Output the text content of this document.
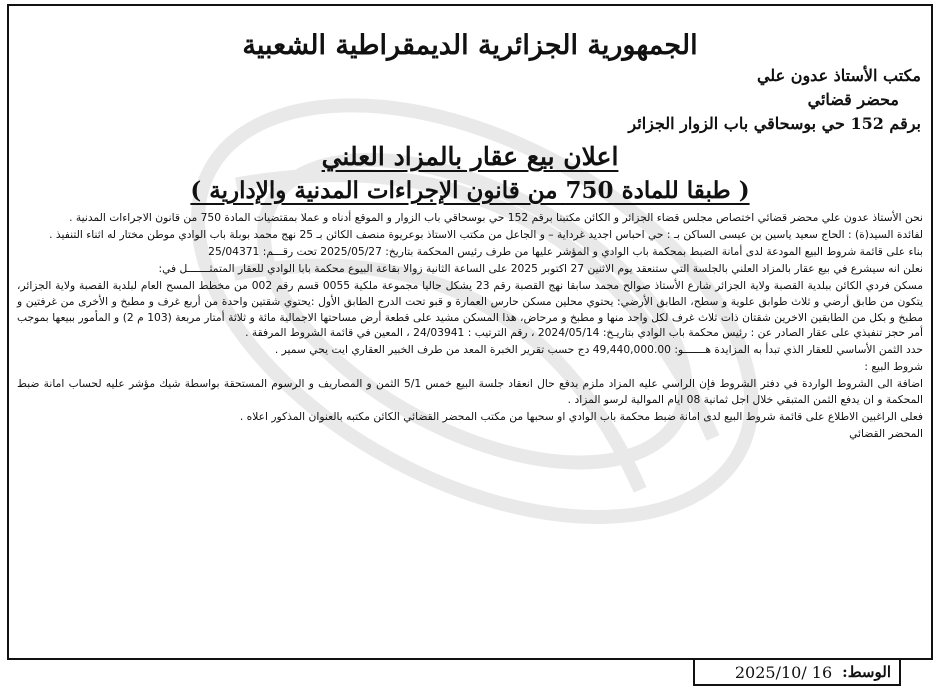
الجمهورية الجزائرية الديمقراطية الشعبية
مكتب الأستاذ عدون علي
محضر قضائي
برقم 152 حي بوسحاقي باب الزوار الجزائر
اعلان بيع عقار بالمزاد العلني
( طبقا للمادة 750 من قانون الإجراءات المدنية والإدارية )

نحن الأستاذ عدون علي محضر قضائي اختصاص مجلس قضاء الجزائر و الكائن مكتبنا برقم 152 حي بوسحاقي باب الزوار و الموقع أدناه و عملا بمقتضيات المادة 750 من قانون الاجراءات المدنية .

لفائدة السيد(ة) : الحاج سعيد ياسين بن عيسى الساكن بـ : حي احباس اجديد غرداية – و الجاعل من مكتب الاستاذ بوعريوة منصف الكائن بـ 25 نهج محمد بوبلة باب الوادي موطن مختار له اثناء التنفيذ .

بناء على قائمة شروط البيع المودعة لدى أمانة الضبط بمحكمة باب الوادي و المؤشر عليها من طرف رئيس المحكمة بتاريخ: 2025/05/27 تحت رقـــم: 25/04371

نعلن انه سيشرع في بيع عقار بالمزاد العلني بالجلسة التي ستنعقد يوم الاثنين 27 اكتوبر 2025 على الساعة الثانية زوالا بقاعة البيوع محكمة بابا الوادي للعقار المتمثـــــــل في:

مسكن فردي الكائن ببلدية القصبة ولاية الجزائر شارع الأستاذ صوالح محمد سابقا نهج القصبة رقم 23 يشكل حاليا مجموعة ملكية 0055 قسم رقم 002 من مخطط المسح العام لبلدية القصبة ولاية الجزائر، يتكون من طابق أرضي و ثلاث طوابق علوية و سطح، الطابق الأرضي: يحتوي محلين مسكن حارس العمارة و قبو تحت الدرج الطابق الأول :يحتوي شقتين واحدة من أربع غرف و مطبخ و الأخرى من غرفتين و مطبخ و بكل من الطابقين الاخرين شقتان ذات ثلاث غرف لكل واحد منها و مطبخ و مرحاض، هذا المسكن مشيد على قطعة أرض مساحتها الاجمالية مائة و ثلاثة أمتار مربعة (103 م 2) و المأمور ببيعها بموجب أمر حجز تنفيذي على عقار الصادر عن : رئيس محكمة باب الوادي بتاريـخ: 2024/05/14 ، رقم الترتيب : 24/03941 ، المعين في قائمة الشروط المرفقة .

حدد الثمن الأساسي للعقار الذي تبدأ به المزايدة هـــــــو: 49,440,000.00 دج حسب تقرير الخبرة المعد من طرف الخبير العقاري ايت يحي سمير .

شروط البيع :

اضافة الى الشروط الواردة في دفتر الشروط فإن الراسي عليه المزاد ملزم بدفع حال انعقاد جلسة البيع خمس 5/1 الثمن و المصاريف و الرسوم المستحقة بواسطة شيك مؤشر عليه لحساب امانة ضبط المحكمة و ان يدفع الثمن المتبقي خلال اجل ثمانية 08 ايام الموالية لرسو المزاد .

فعلى الراغبين الاطلاع على قائمة شروط البيع لدى امانة ضبط محكمة باب الوادي او سحبها من مكتب المحضر القضائي الكائن مكتبه بالعنوان المذكور اعلاه .

المحضر القضائي

الوسط:
2025/10/ 16
